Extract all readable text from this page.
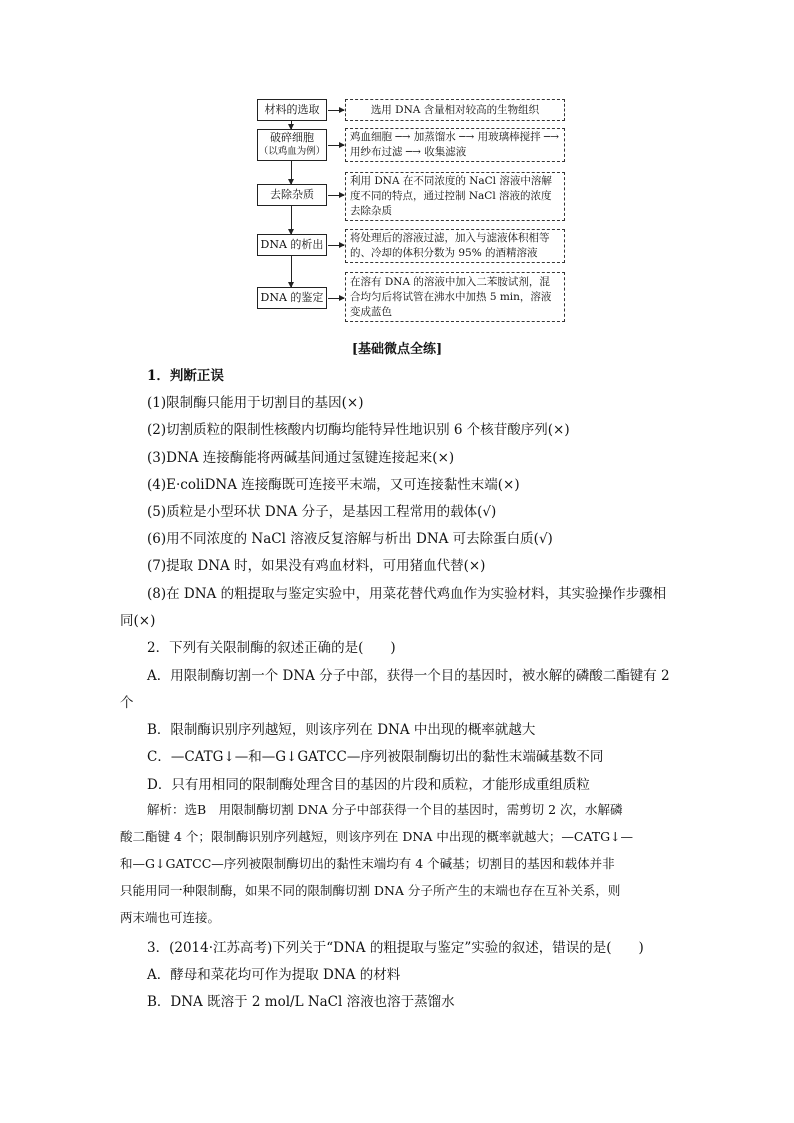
材料的选取	选用 DNA 含量相对较高的生物组织
破碎细胞
（以鸡血为例）
鸡血细胞 ─→ 加蒸馏水 ─→ 用玻璃棒搅拌 ─→ 用纱布过滤 ─→ 收集滤液
去除杂质
利用 DNA 在不同浓度的 NaCl 溶液中溶解度不同的特点，通过控制 NaCl 溶液的浓度去除杂质
DNA 的析出	将处理后的溶液过滤，加入与滤液体积相等的、冷却的体积分数为 95% 的酒精溶液
DNA 的鉴定
在溶有 DNA 的溶液中加入二苯胺试剂，混合均匀后将试管在沸水中加热 5 min，溶液变成蓝色
[基础微点全练]
1．判断正误
(1)限制酶只能用于切割目的基因(×)
(2)切割质粒的限制性核酸内切酶均能特异性地识别 6 个核苷酸序列(×)
(3)DNA 连接酶能将两碱基间通过氢键连接起来(×)
(4)E·coliDNA 连接酶既可连接平末端，又可连接黏性末端(×)
(5)质粒是小型环状 DNA 分子，是基因工程常用的载体(√)
(6)用不同浓度的 NaCl 溶液反复溶解与析出 DNA 可去除蛋白质(√)
(7)提取 DNA 时，如果没有鸡血材料，可用猪血代替(×)
(8)在 DNA 的粗提取与鉴定实验中，用菜花替代鸡血作为实验材料，其实验操作步骤相
同(×)
2．下列有关限制酶的叙述正确的是(　　)
A．用限制酶切割一个 DNA 分子中部，获得一个目的基因时，被水解的磷酸二酯键有 2
个
B．限制酶识别序列越短，则该序列在 DNA 中出现的概率就越大
C．—CATG↓—和—G↓GATCC—序列被限制酶切出的黏性末端碱基数不同
D．只有用相同的限制酶处理含目的基因的片段和质粒，才能形成重组质粒
解析：选B　用限制酶切割 DNA 分子中部获得一个目的基因时，需剪切 2 次，水解磷
酸二酯键 4 个；限制酶识别序列越短，则该序列在 DNA 中出现的概率就越大；—CATG↓—
和—G↓GATCC—序列被限制酶切出的黏性末端均有 4 个碱基；切割目的基因和载体并非
只能用同一种限制酶，如果不同的限制酶切割 DNA 分子所产生的末端也存在互补关系，则
两末端也可连接。
3．(2014·江苏高考)下列关于“DNA 的粗提取与鉴定”实验的叙述，错误的是(　　)
A．酵母和菜花均可作为提取 DNA 的材料
B．DNA 既溶于 2 mol/L NaCl 溶液也溶于蒸馏水
